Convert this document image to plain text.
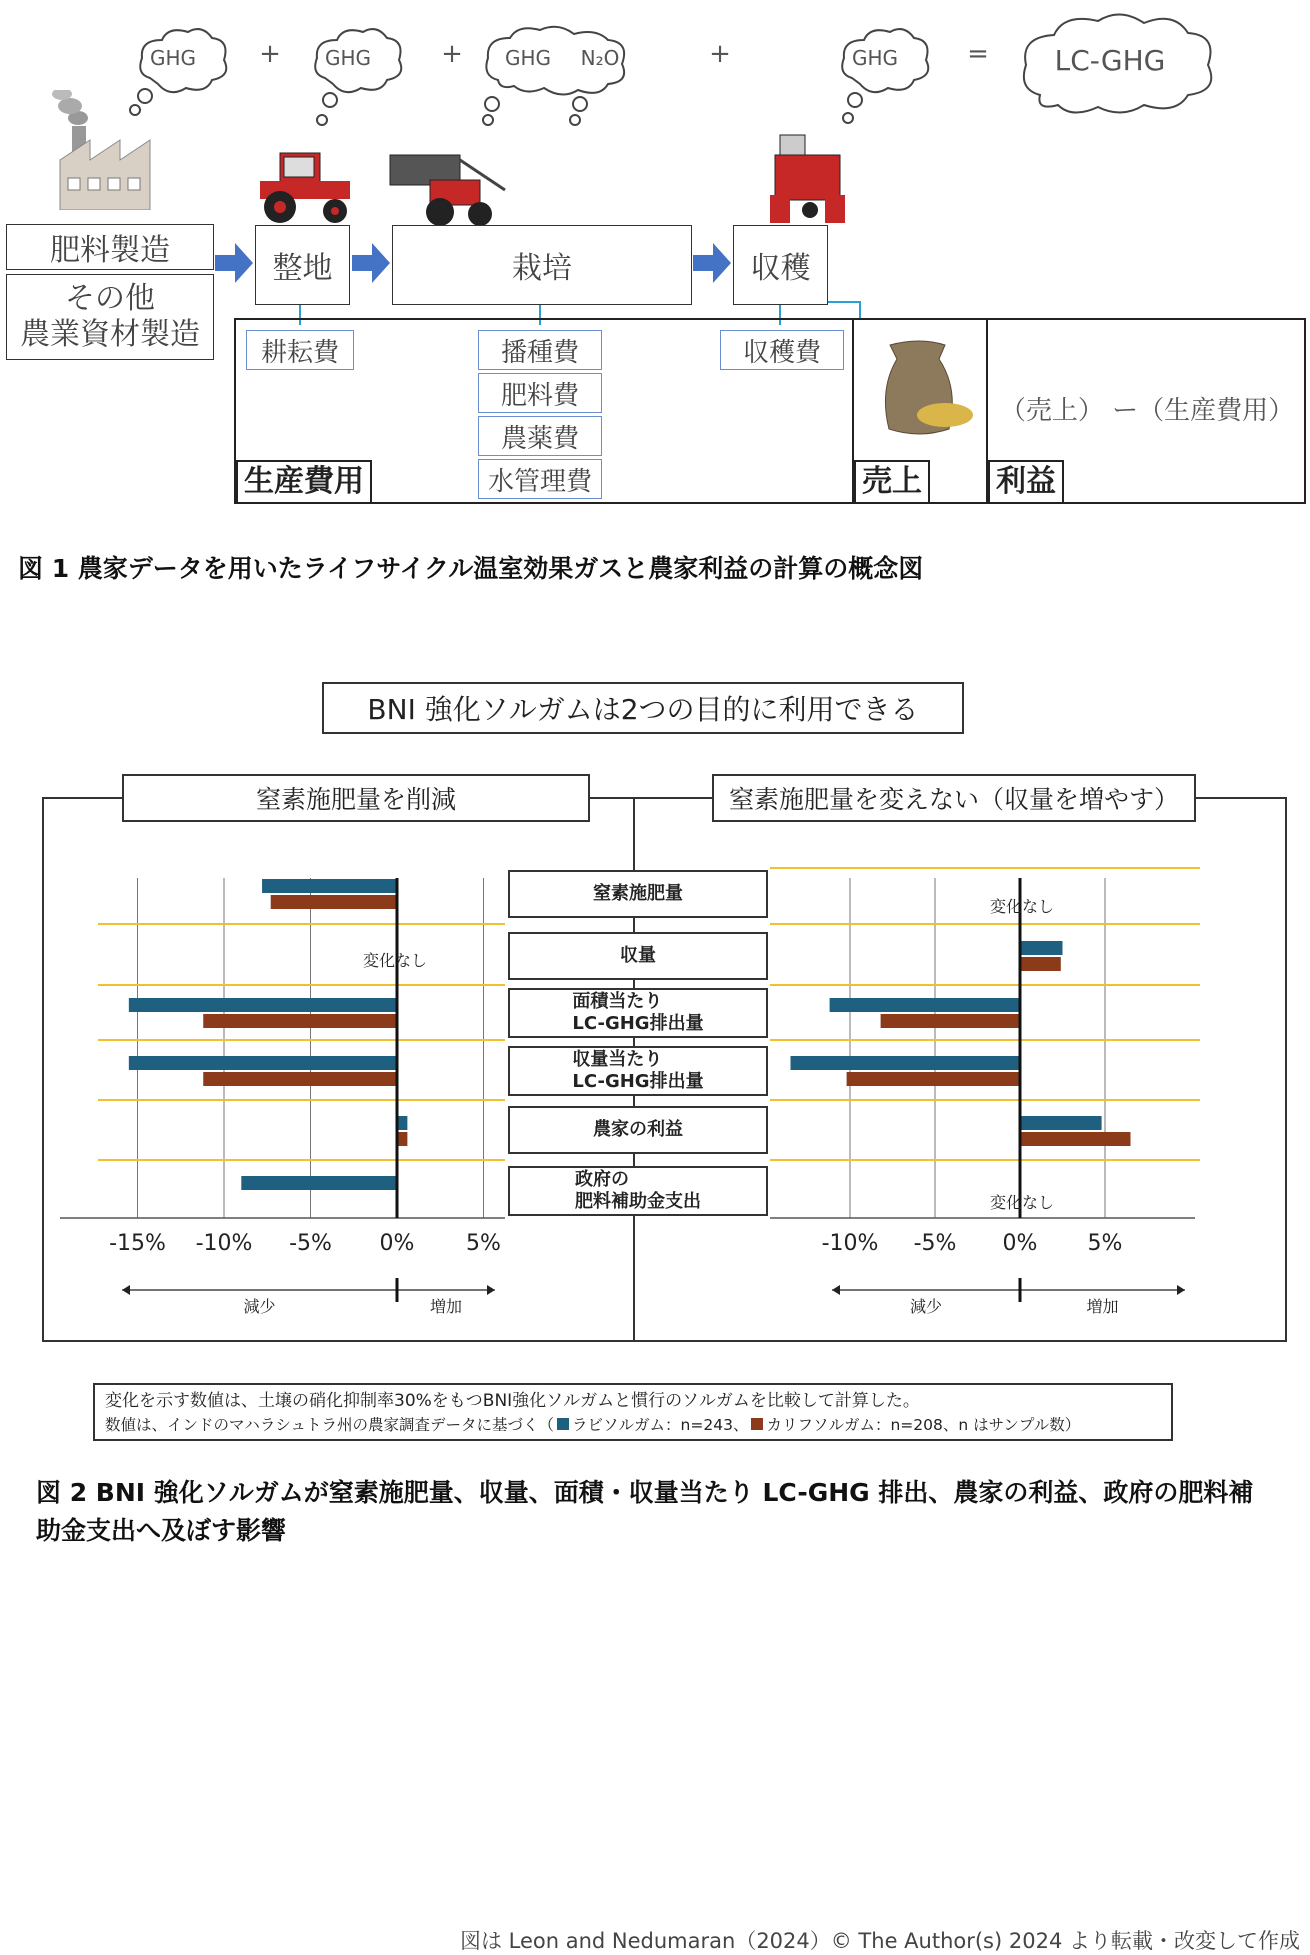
GHG	GHG	GHG N₂O	GHG	LC-GHG
+	+	+	=
肥料製造
その他
農業資材製造
整地	栽培	収穫
耕耘費	播種費
肥料費
農薬費
水管理費
収穫費
（売上） ー（生産費用）
生産費用	売上 利益
図 1 農家データを用いたライフサイクル温室効果ガスと農家利益の計算の概念図
BNI 強化ソルガムは2つの目的に利用できる
窒素施肥量を削減	窒素施肥量を変えない（収量を増やす）
-15% -10% -5% 0% 5%
減少	増加
-10% -5% 0% 5%
減少	増加
変化なし
変化なし
変化なし
窒素施肥量
収量
面積当たり
LC-GHG排出量
収量当たり
LC-GHG排出量
農家の利益
政府の
肥料補助金支出
変化を示す数値は、土壌の硝化抑制率30%をもつBNI強化ソルガムと慣行のソルガムを比較して計算した。
数値は、インドのマハラシュトラ州の農家調査データに基づく（ ラビソルガム：n=243、 カリフソルガム：n=208、n はサンプル数）
図 2 BNI 強化ソルガムが窒素施肥量、収量、面積・収量当たり LC-GHG 排出、農家の利益、政府の肥料補助金支出へ及ぼす影響
図は Leon and Nedumaran（2024）© The Author(s) 2024 より転載・改変して作成
